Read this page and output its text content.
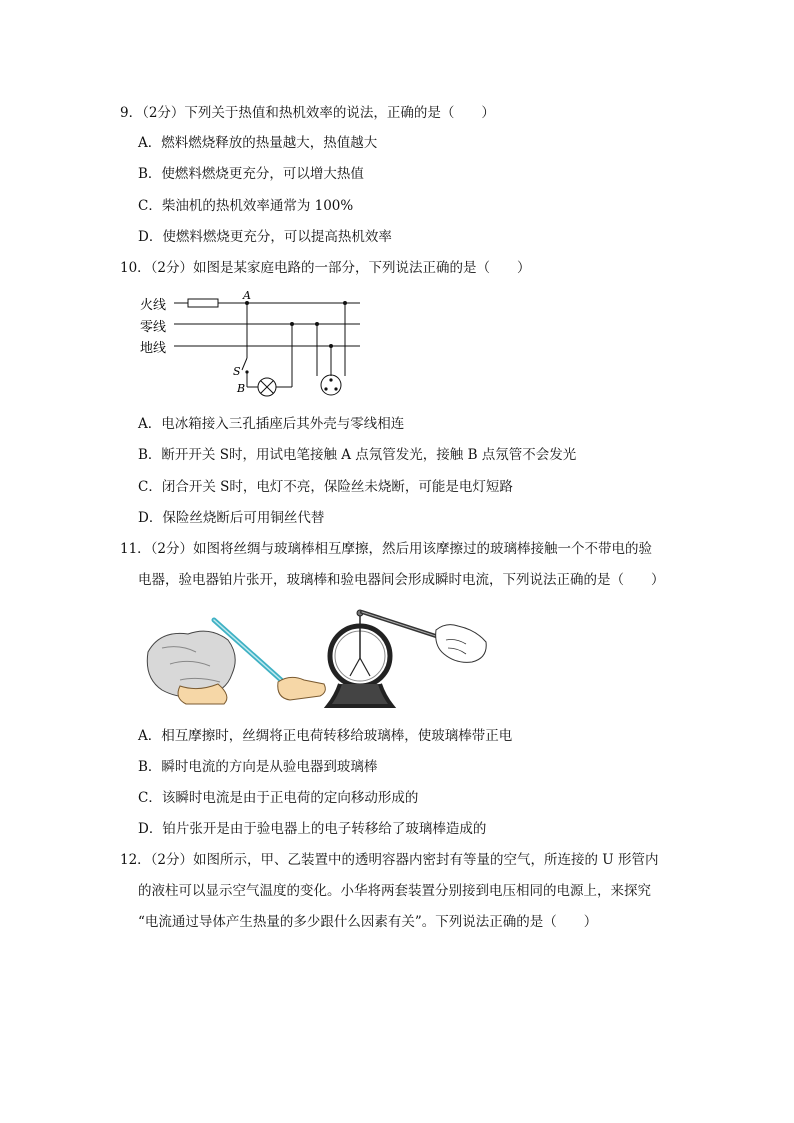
9．（2分）下列关于热值和热机效率的说法，正确的是（　　）
A．燃料燃烧释放的热量越大，热值越大
B．使燃料燃烧更充分，可以增大热值
C．柴油机的热机效率通常为 100%
D．使燃料燃烧更充分，可以提高热机效率
10．（2分）如图是某家庭电路的一部分，下列说法正确的是（　　）
火线
零线
地线
A
S
B
A．电冰箱接入三孔插座后其外壳与零线相连
B．断开开关 S时，用试电笔接触 A 点氖管发光，接触 B 点氖管不会发光
C．闭合开关 S时，电灯不亮，保险丝未烧断，可能是电灯短路
D．保险丝烧断后可用铜丝代替
11．（2分）如图将丝绸与玻璃棒相互摩擦，然后用该摩擦过的玻璃棒接触一个不带电的验
电器，验电器铂片张开，玻璃棒和验电器间会形成瞬时电流，下列说法正确的是（　　）
A．相互摩擦时，丝绸将正电荷转移给玻璃棒，使玻璃棒带正电
B．瞬时电流的方向是从验电器到玻璃棒
C．该瞬时电流是由于正电荷的定向移动形成的
D．铂片张开是由于验电器上的电子转移给了玻璃棒造成的
12．（2分）如图所示，甲、乙装置中的透明容器内密封有等量的空气，所连接的 U 形管内
的液柱可以显示空气温度的变化。小华将两套装置分别接到电压相同的电源上，来探究
“电流通过导体产生热量的多少跟什么因素有关”。下列说法正确的是（　　）
